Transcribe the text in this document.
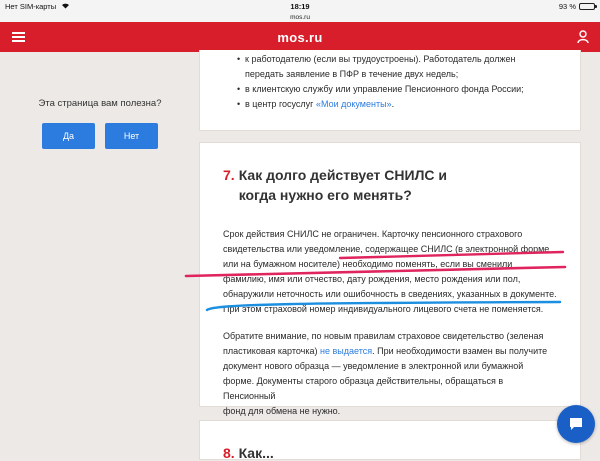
Нет SIM-карты	18:19	93 %
mos.ru
mos.ru
Эта страница вам полезна?
Да	Нет
• к работодателю (если вы трудоустроены). Работодатель должен
передать заявление в ПФР в течение двух недель;
• в клиентскую службу или управление Пенсионного фонда России;
• в центр госуслуг «Мои документы».
7. Как долго действует СНИЛС и когда нужно его менять?

Срок действия СНИЛС не ограничен. Карточку пенсионного страхового
свидетельства или уведомление, содержащее СНИЛС (в электронной форме
или на бумажном носителе) необходимо поменять, если вы сменили
фамилию, имя или отчество, дату рождения, место рождения или пол,
обнаружили неточность или ошибочность в сведениях, указанных в документе.
При этом страховой номер индивидуального лицевого счета не поменяется.

Обратите внимание, по новым правилам страховое свидетельство (зеленая
пластиковая карточка) не выдается. При необходимости взамен вы получите
документ нового образца — уведомление в электронной или бумажной
форме. Документы старого образца действительны, обращаться в Пенсионный
фонд для обмена не нужно.

8. Как...
